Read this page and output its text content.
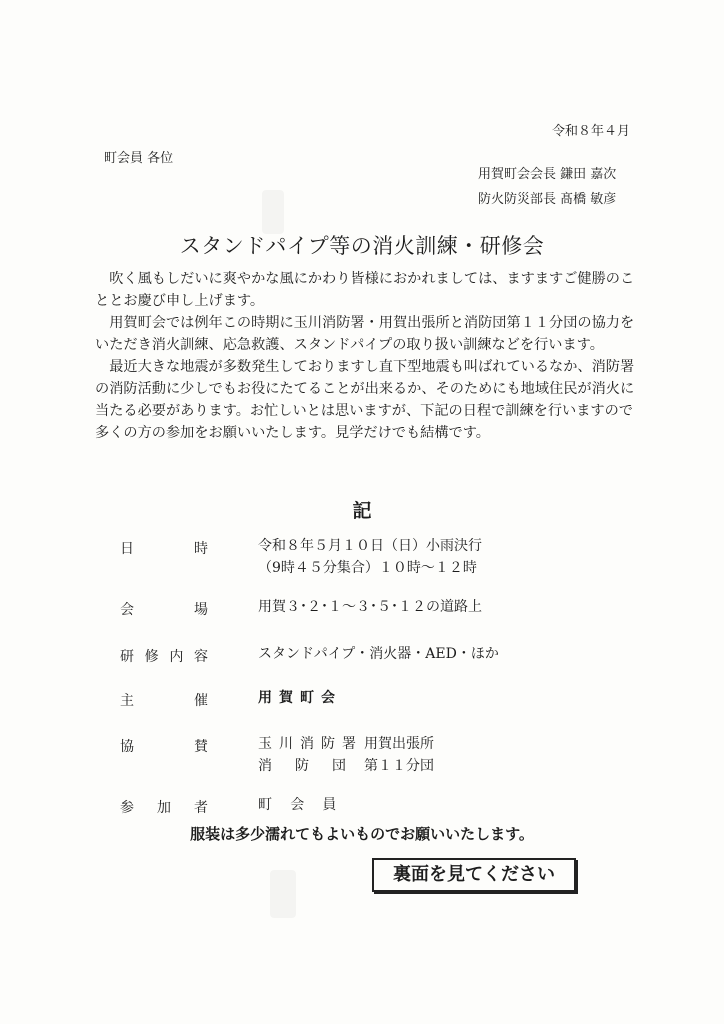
令和８年４月
町会員 各位
用賀町会会長 鎌田 嘉次
防火防災部長 髙橋 敏彦
スタンドパイプ等の消火訓練・研修会

吹く風もしだいに爽やかな風にかわり皆様におかれましては、ますますご健勝のこととお慶び申し上げます。

用賀町会では例年この時期に玉川消防署・用賀出張所と消防団第１１分団の協力をいただき消火訓練、応急救護、スタンドパイプの取り扱い訓練などを行います。

最近大きな地震が多数発生しておりますし直下型地震も叫ばれているなか、消防署の消防活動に少しでもお役にたてることが出来るか、そのためにも地域住民が消火に当たる必要があります。お忙しいとは思いますが、下記の日程で訓練を行いますので多くの方の参加をお願いいたします。見学だけでも結構です。

記
日時	令和８年５月１０日（日）小雨決行
（9時４５分集合）１０時～１２時
会場	用賀３･２･１～３･５･１２の道路上
研修内容	スタンドパイプ・消火器・AED・ほか
主催	用賀町会
協賛	玉川消防署用賀出張所
消防団 第１１分団
参加者	町会員
服装は多少濡れてもよいものでお願いいたします。
裏面を見てください
